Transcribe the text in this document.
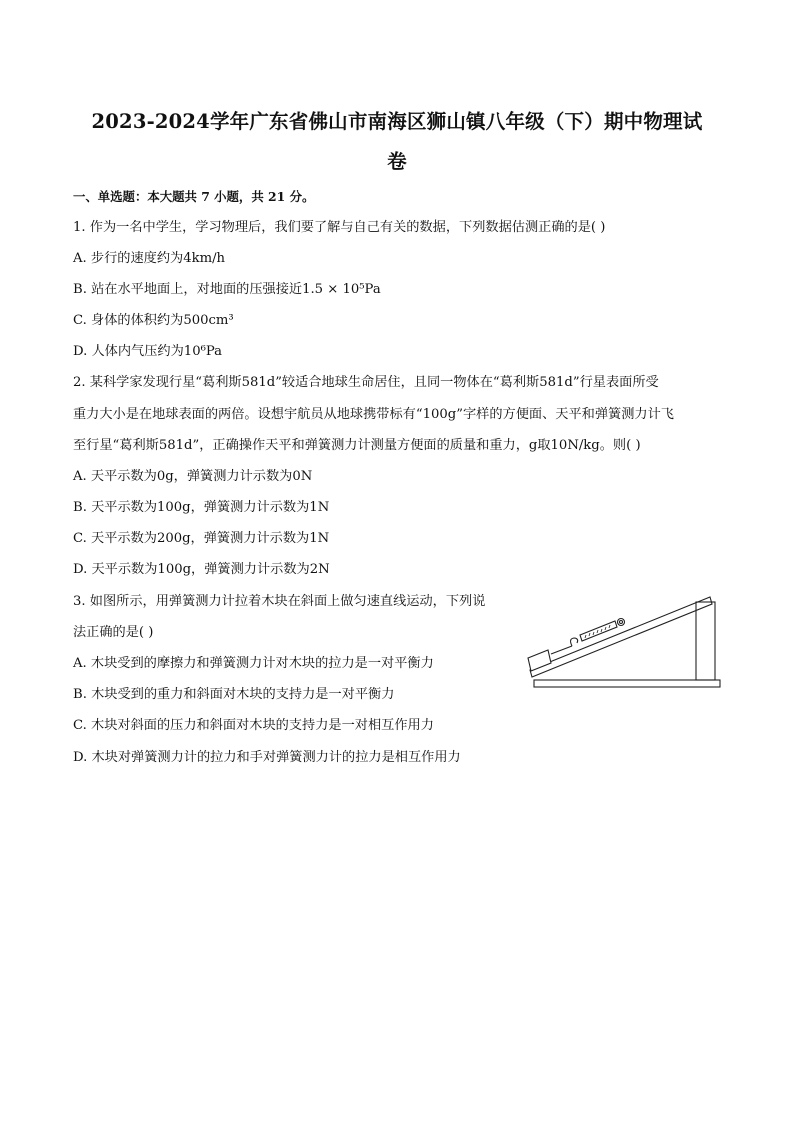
2023-2024学年广东省佛山市南海区狮山镇八年级（下）期中物理试
卷
一、单选题：本大题共 7 小题，共 21 分。
1. 作为一名中学生，学习物理后，我们要了解与自己有关的数据，下列数据估测正确的是( )
A. 步行的速度约为4km/h
B. 站在水平地面上，对地面的压强接近1.5 × 10⁵Pa
C. 身体的体积约为500cm³
D. 人体内气压约为10⁶Pa
2. 某科学家发现行星“葛利斯581d”较适合地球生命居住，且同一物体在“葛利斯581d”行星表面所受
重力大小是在地球表面的两倍。设想宇航员从地球携带标有“100g”字样的方便面、天平和弹簧测力计飞
至行星“葛利斯581d”，正确操作天平和弹簧测力计测量方便面的质量和重力，g取10N/kg。则( )
A. 天平示数为0g，弹簧测力计示数为0N
B. 天平示数为100g，弹簧测力计示数为1N
C. 天平示数为200g，弹簧测力计示数为1N
D. 天平示数为100g，弹簧测力计示数为2N
3. 如图所示，用弹簧测力计拉着木块在斜面上做匀速直线运动，下列说
法正确的是( )
A. 木块受到的摩擦力和弹簧测力计对木块的拉力是一对平衡力
B. 木块受到的重力和斜面对木块的支持力是一对平衡力
C. 木块对斜面的压力和斜面对木块的支持力是一对相互作用力
D. 木块对弹簧测力计的拉力和手对弹簧测力计的拉力是相互作用力
